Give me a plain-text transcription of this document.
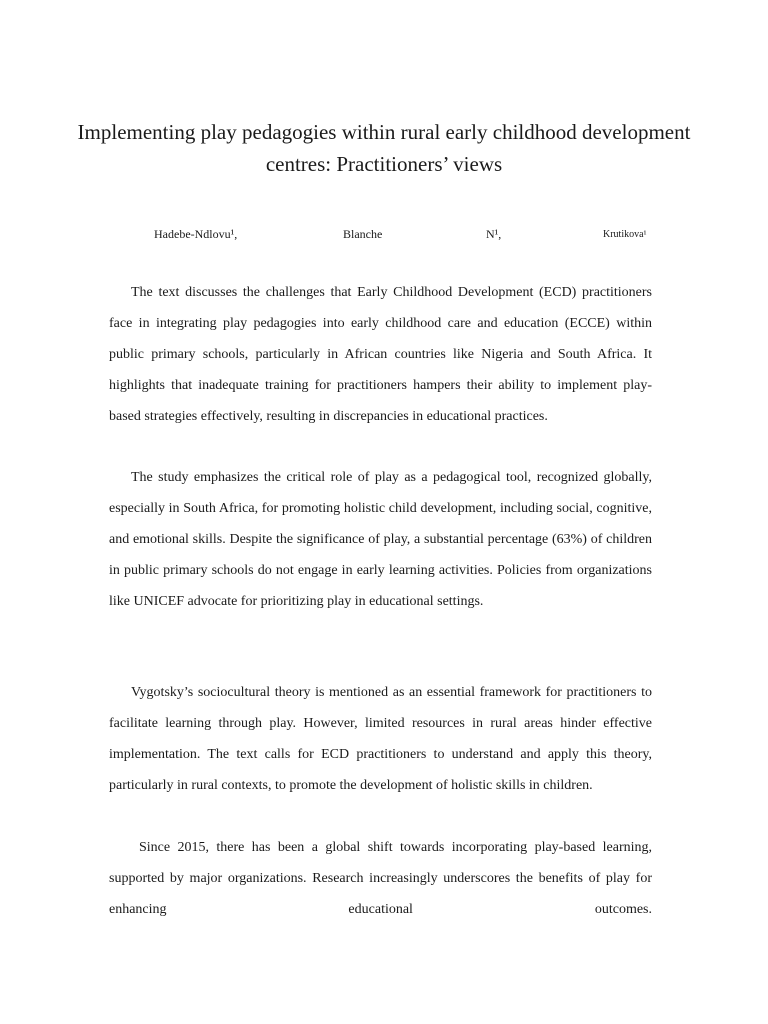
Implementing play pedagogies within rural early childhood development centres: Practitioners’ views
Hadebe-Ndlovu¹,	Blanche	N¹,	Krutikova¹

The text discusses the challenges that Early Childhood Development (ECD) practitioners face in integrating play pedagogies into early childhood care and education (ECCE) within public primary schools, particularly in African countries like Nigeria and South Africa. It highlights that inadequate training for practitioners hampers their ability to implement play-based strategies effectively, resulting in discrepancies in educational practices.

The study emphasizes the critical role of play as a pedagogical tool, recognized globally, especially in South Africa, for promoting holistic child development, including social, cognitive, and emotional skills. Despite the significance of play, a substantial percentage (63%) of children in public primary schools do not engage in early learning activities. Policies from organizations like UNICEF advocate for prioritizing play in educational settings.

Vygotsky’s sociocultural theory is mentioned as an essential framework for practitioners to facilitate learning through play. However, limited resources in rural areas hinder effective implementation. The text calls for ECD practitioners to understand and apply this theory, particularly in rural contexts, to promote the development of holistic skills in children.

Since 2015, there has been a global shift towards incorporating play-based learning, supported by major organizations. Research increasingly underscores the benefits of play for enhancing educational outcomes.
